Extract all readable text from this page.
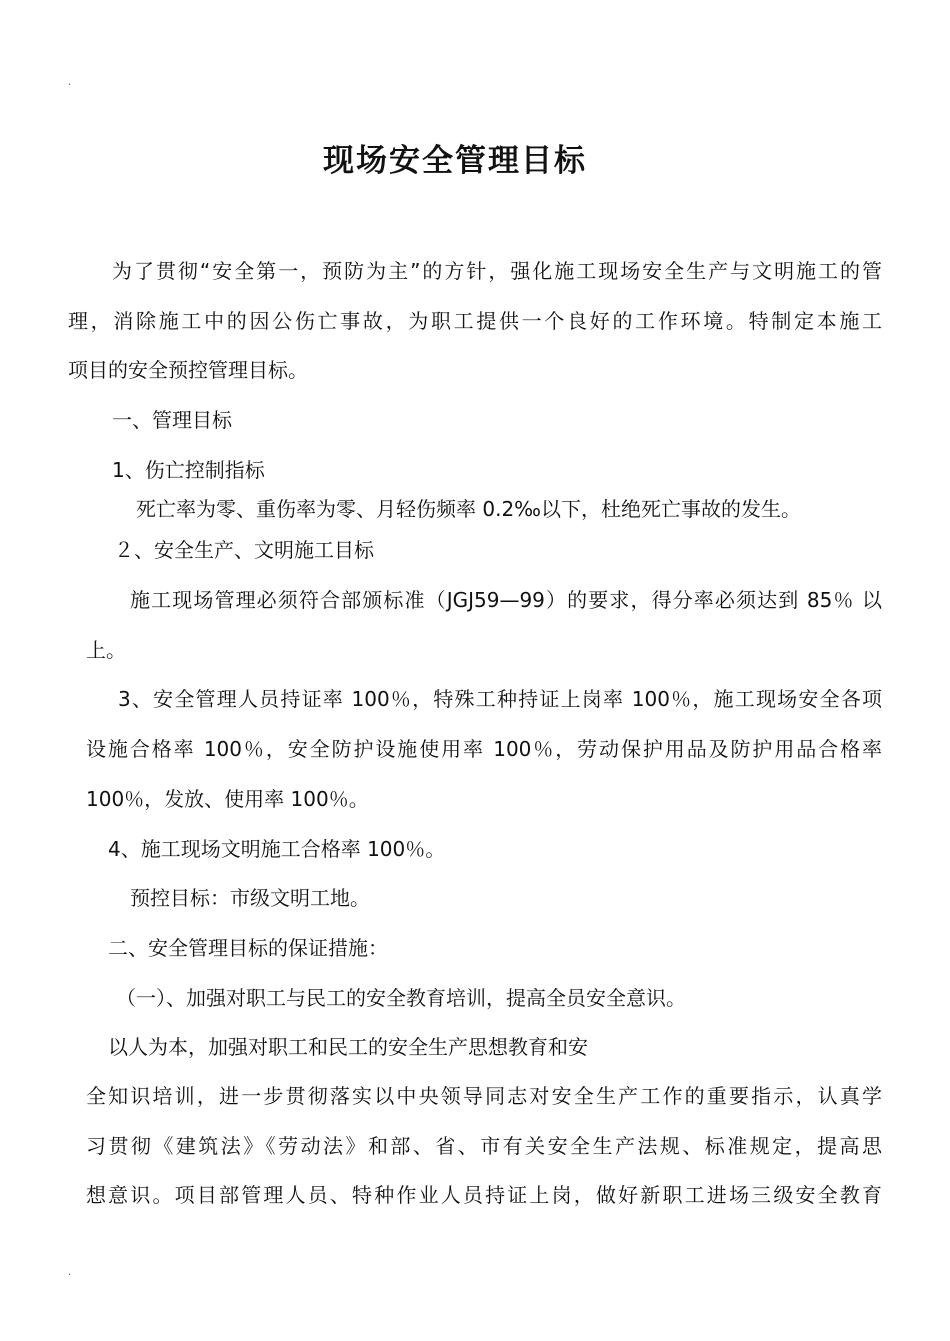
.
现场安全管理目标
为了贯彻“安全第一，预防为主”的方针，强化施工现场安全生产与文明施工的管
理，消除施工中的因公伤亡事故，为职工提供一个良好的工作环境。特制定本施工
项目的安全预控管理目标。
一、管理目标
1、伤亡控制指标
死亡率为零、重伤率为零、月轻伤频率 0.2‰以下，杜绝死亡事故的发生。
２、安全生产、文明施工目标
施工现场管理必须符合部颁标准（JGJ59—99）的要求，得分率必须达到 85％ 以
上。
3、安全管理人员持证率 100％，特殊工种持证上岗率 100％，施工现场安全各项
设施合格率 100％，安全防护设施使用率 100％，劳动保护用品及防护用品合格率
100％，发放、使用率 100％。
4、施工现场文明施工合格率 100％。
预控目标：市级文明工地。
二、安全管理目标的保证措施：
（一）、加强对职工与民工的安全教育培训，提高全员安全意识。
以人为本，加强对职工和民工的安全生产思想教育和安
全知识培训，进一步贯彻落实以中央领导同志对安全生产工作的重要指示，认真学
习贯彻《建筑法》《劳动法》和部、省、市有关安全生产法规、标准规定，提高思
想意识。项目部管理人员、特种作业人员持证上岗，做好新职工进场三级安全教育
.
